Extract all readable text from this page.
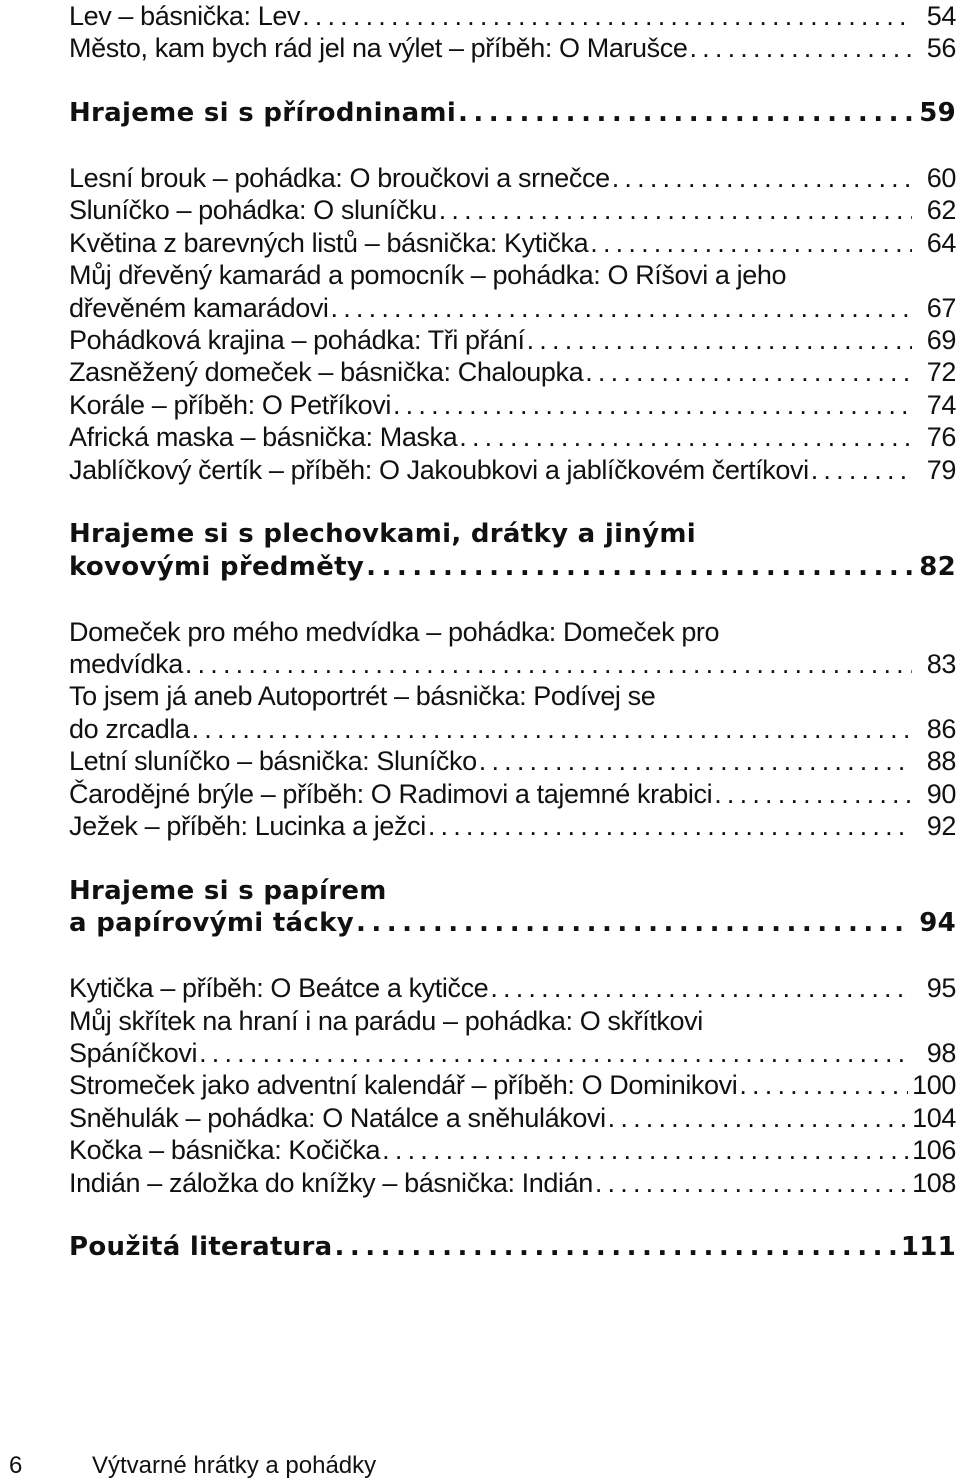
Lev – básnička: Lev .....	54
Město, kam bych rád jel na výlet – příběh: O Marušce .....	56
Hrajeme si s přírodninami .....	59
Lesní brouk – pohádka: O broučkovi a srnečce .....	60
Sluníčko – pohádka: O sluníčku .....	62
Květina z barevných listů – básnička: Kytička .....	64
Můj dřevěný kamarád a pomocník – pohádka: O Ríšovi a jeho
dřevěném kamarádovi .....	67
Pohádková krajina – pohádka: Tři přání .....	69
Zasněžený domeček – básnička: Chaloupka .....	72
Korále – příběh: O Petříkovi .....	74
Africká maska – básnička: Maska .....	76
Jablíčkový čertík – příběh: O Jakoubkovi a jablíčkovém čertíkovi .....	79
Hrajeme si s plechovkami, drátky a jinými
kovovými předměty .....	82
Domeček pro mého medvídka – pohádka: Domeček pro
medvídka .....	83
To jsem já aneb Autoportrét – básnička: Podívej se
do zrcadla .....	86
Letní sluníčko – básnička: Sluníčko .....	88
Čarodějné brýle – příběh: O Radimovi a tajemné krabici .....	90
Ježek – příběh: Lucinka a ježci .....	92
Hrajeme si s papírem
a papírovými tácky .....	94
Kytička – příběh: O Beátce a kytičce .....	95
Můj skřítek na hraní i na parádu – pohádka: O skřítkovi
Spáníčkovi .....	98
Stromeček jako adventní kalendář – příběh: O Dominikovi .....	100
Sněhulák – pohádka: O Natálce a sněhulákovi .....	104
Kočka – básnička: Kočička .....	106
Indián – záložka do knížky – básnička: Indián .....	108
Použitá literatura .....	111
6	Výtvarné hrátky a pohádky
